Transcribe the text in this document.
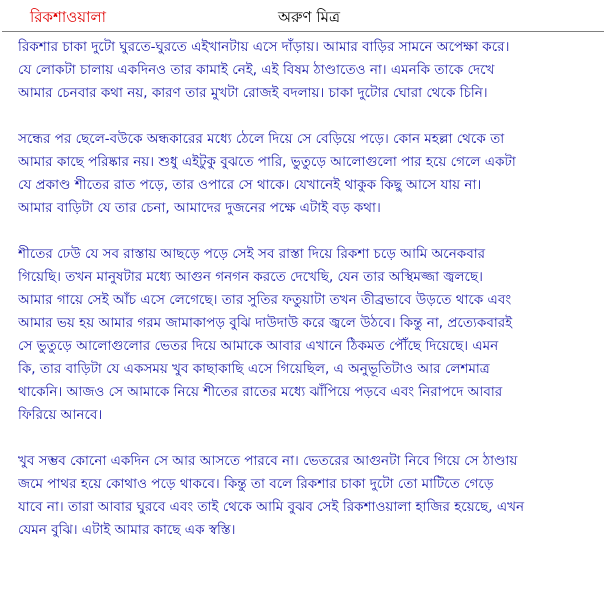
রিকশাওয়ালা	অরুণ মিত্র
রিকশার চাকা দুটো ঘুরতে-ঘুরতে এইখানটায় এসে দাঁড়ায়। আমার বাড়ির সামনে অপেক্ষা করে।
যে লোকটা চালায় একদিনও তার কামাই নেই, এই বিষম ঠাণ্ডাতেও না। এমনকি তাকে দেখে
আমার চেনবার কথা নয়, কারণ তার মুখটা রোজই বদলায়। চাকা দুটোর ঘোরা থেকে চিনি।
সন্ধের পর ছেলে-বউকে অন্ধকারের মধ্যে ঠেলে দিয়ে সে বেড়িয়ে পড়ে। কোন মহল্লা থেকে তা
আমার কাছে পরিষ্কার নয়। শুধু এইটুকু বুঝতে পারি, ভুতুড়ে আলোগুলো পার হয়ে গেলে একটা
যে প্রকাণ্ড শীতের রাত পড়ে, তার ওপারে সে থাকে। যেখানেই থাকুক কিছু আসে যায় না।
আমার বাড়িটা যে তার চেনা, আমাদের দুজনের পক্ষে এটাই বড় কথা।
শীতের ঢেউ যে সব রাস্তায় আছড়ে পড়ে সেই সব রাস্তা দিয়ে রিকশা চড়ে আমি অনেকবার
গিয়েছি। তখন মানুষটার মধ্যে আগুন গনগন করতে দেখেছি, যেন তার অস্থিমজ্জা জ্বলছে।
আমার গায়ে সেই আঁচ এসে লেগেছে। তার সুতির ফতুয়াটা তখন তীব্রভাবে উড়তে থাকে এবং
আমার ভয় হয় আমার গরম জামাকাপড় বুঝি দাউদাউ করে জ্বলে উঠবে। কিন্তু না, প্রত্যেকবারই
সে ভুতুড়ে আলোগুলোর ভেতর দিয়ে আমাকে আবার এখানে ঠিকমত পৌঁছে দিয়েছে। এমন
কি, তার বাড়িটা যে একসময় খুব কাছাকাছি এসে গিয়েছিল, এ অনুভূতিটাও আর লেশমাত্র
থাকেনি। আজও সে আমাকে নিয়ে শীতের রাতের মধ্যে ঝাঁপিয়ে পড়বে এবং নিরাপদে আবার
ফিরিয়ে আনবে।
খুব সম্ভব কোনো একদিন সে আর আসতে পারবে না। ভেতরের আগুনটা নিবে গিয়ে সে ঠাণ্ডায়
জমে পাথর হয়ে কোথাও পড়ে থাকবে। কিন্তু তা বলে রিকশার চাকা দুটো তো মাটিতে গেড়ে
যাবে না। তারা আবার ঘুরবে এবং তাই থেকে আমি বুঝব সেই রিকশাওয়ালা হাজির হয়েছে, এখন
যেমন বুঝি। এটাই আমার কাছে এক স্বস্তি।
